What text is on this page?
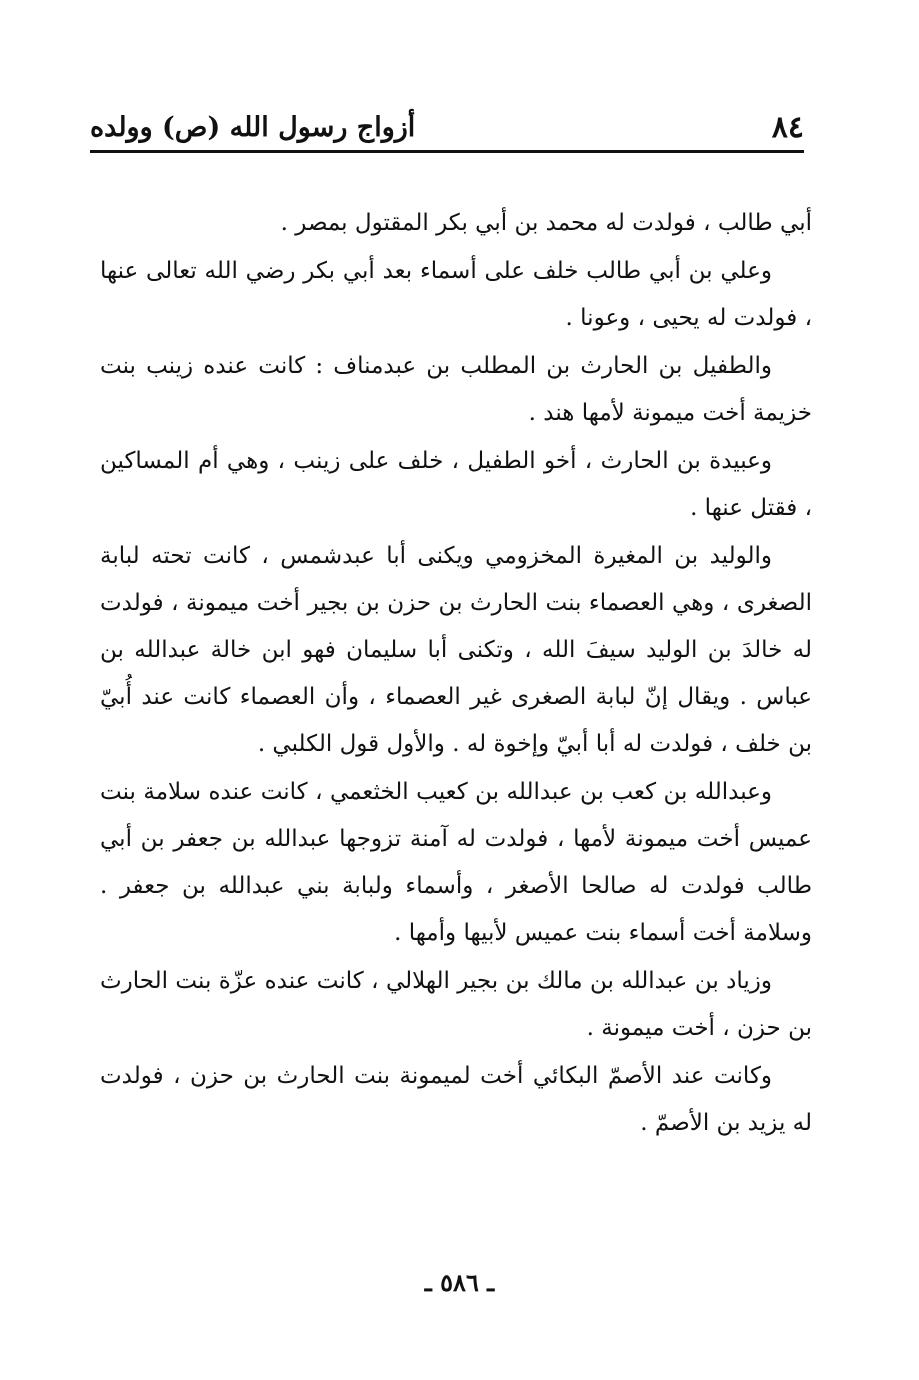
٨٤
أزواج رسول الله (ص) وولده

أبي طالب ، فولدت له محمد بن أبي بكر المقتول بمصر .

وعلي بن أبي طالب خلف على أسماء بعد أبي بكر رضي الله تعالى عنها ، فولدت له يحيى ، وعونا .

والطفيل بن الحارث بن المطلب بن عبدمناف : كانت عنده زينب بنت خزيمة أخت ميمونة لأمها هند .

وعبيدة بن الحارث ، أخو الطفيل ، خلف على زينب ، وهي أم المساكين ، فقتل عنها .

والوليد بن المغيرة المخزومي ويكنى أبا عبدشمس ، كانت تحته لبابة الصغرى ، وهي العصماء بنت الحارث بن حزن بن بجير أخت ميمونة ، فولدت له خالدَ بن الوليد سيفَ الله ، وتكنى أبا سليمان فهو ابن خالة عبدالله بن عباس . ويقال إنّ لبابة الصغرى غير العصماء ، وأن العصماء كانت عند أُبيّ بن خلف ، فولدت له أبا أبيّ وإخوة له . والأول قول الكلبي .

وعبدالله بن كعب بن عبدالله بن كعيب الخثعمي ، كانت عنده سلامة بنت عميس أخت ميمونة لأمها ، فولدت له آمنة تزوجها عبدالله بن جعفر بن أبي طالب فولدت له صالحا الأصغر ، وأسماء ولبابة بني عبدالله بن جعفر . وسلامة أخت أسماء بنت عميس لأبيها وأمها .

وزياد بن عبدالله بن مالك بن بجير الهلالي ، كانت عنده عزّة بنت الحارث بن حزن ، أخت ميمونة .

وكانت عند الأصمّ البكائي أخت لميمونة بنت الحارث بن حزن ، فولدت له يزيد بن الأصمّ .

ـ ٥٨٦ ـ
